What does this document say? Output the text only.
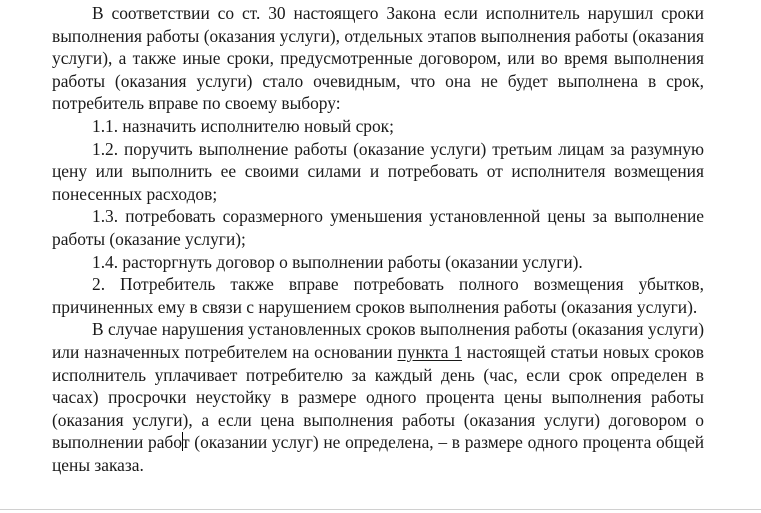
В соответствии со ст. 30 настоящего Закона если исполнитель нарушил сроки выполнения работы (оказания услуги), отдельных этапов выполнения работы (оказания услуги), а также иные сроки, предусмотренные договором, или во время выполнения работы (оказания услуги) стало очевидным, что она не будет выполнена в срок, потребитель вправе по своему выбору:

1.1. назначить исполнителю новый срок;

1.2. поручить выполнение работы (оказание услуги) третьим лицам за разумную цену или выполнить ее своими силами и потребовать от исполнителя возмещения понесенных расходов;

1.3. потребовать соразмерного уменьшения установленной цены за выполнение работы (оказание услуги);

1.4. расторгнуть договор о выполнении работы (оказании услуги).

2. Потребитель также вправе потребовать полного возмещения убытков, причиненных ему в связи с нарушением сроков выполнения работы (оказания услуги).

В случае нарушения установленных сроков выполнения работы (оказания услуги) или назначенных потребителем на основании пункта 1 настоящей статьи новых сроков исполнитель уплачивает потребителю за каждый день (час, если срок определен в часах) просрочки неустойку в размере одного процента цены выполнения работы (оказания услуги), а если цена выполнения работы (оказания услуги) договором о выполнении работ (оказании услуг) не определена, – в размере одного процента общей цены заказа.
